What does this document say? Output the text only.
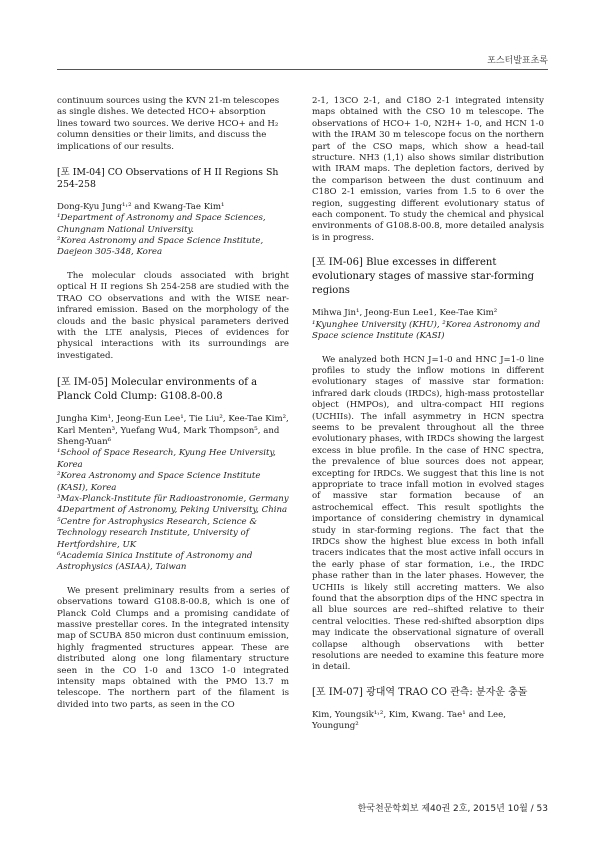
포스터발표초록
continuum sources using the KVN 21-m telescopes
as single dishes. We detected HCO+ absorption
lines toward two sources. We derive HCO+ and H₂
column densities or their limits, and discuss the
implications of our results.
[포 IM-04] CO Observations of H II Regions Sh 254-258
Dong-Kyu Jung¹˒² and Kwang-Tae Kim¹
¹Department of Astronomy and Space Sciences, Chungnam National University.
²Korea Astronomy and Space Science Institute, Daejeon 305-348, Korea
The molecular clouds associated with bright optical H II regions Sh 254-258 are studied with the TRAO CO observations and with the WISE near-infrared emission. Based on the morphology of the clouds and the basic physical parameters derived with the LTE analysis, Pieces of evidences for physical interactions with its surroundings are investigated.
[포 IM-05] Molecular environments of a Planck Cold Clump: G108.8-00.8
Jungha Kim¹, Jeong-Eun Lee¹, Tie Liu², Kee-Tae Kim², Karl Menten³, Yuefang Wu4, Mark Thompson⁵, and Sheng-Yuan⁶
¹School of Space Research, Kyung Hee University, Korea
²Korea Astronomy and Space Science Institute (KASI), Korea
³Max-Planck-Institute für Radioastronomie, Germany
4Department of Astronomy, Peking University, China
⁵Centre for Astrophysics Research, Science & Technology research Institute, University of Hertfordshire, UK
⁶Academia Sinica Institute of Astronomy and Astrophysics (ASIAA), Taiwan
We present preliminary results from a series of observations toward G108.8-00.8, which is one of Planck Cold Clumps and a promising candidate of massive prestellar cores. In the integrated intensity map of SCUBA 850 micron dust continuum emission, highly fragmented structures appear. These are distributed along one long filamentary structure seen in the CO 1-0 and 13CO 1-0 integrated intensity maps obtained with the PMO 13.7 m telescope. The northern part of the filament is divided into two parts, as seen in the CO
2-1, 13CO 2-1, and C18O 2-1 integrated intensity maps obtained with the CSO 10 m telescope. The observations of HCO+ 1-0, N2H+ 1-0, and HCN 1-0 with the IRAM 30 m telescope focus on the northern part of the CSO maps, which show a head-tail structure. NH3 (1,1) also shows similar distribution with IRAM maps. The depletion factors, derived by the comparison between the dust continuum and C18O 2-1 emission, varies from 1.5 to 6 over the region, suggesting different evolutionary status of each component. To study the chemical and physical environments of G108.8-00.8, more detailed analysis is in progress.
[포 IM-06] Blue excesses in different evolutionary stages of massive star-forming regions
Mihwa Jin¹, Jeong-Eun Lee1, Kee-Tae Kim²
¹Kyunghee University (KHU), ²Korea Astronomy and Space science Institute (KASI)
We analyzed both HCN J=1-0 and HNC J=1-0 line profiles to study the inflow motions in different evolutionary stages of massive star formation: infrared dark clouds (IRDCs), high-mass protostellar object (HMPOs), and ultra-compact HII regions (UCHIIs). The infall asymmetry in HCN spectra seems to be prevalent throughout all the three evolutionary phases, with IRDCs showing the largest excess in blue profile. In the case of HNC spectra, the prevalence of blue sources does not appear, excepting for IRDCs. We suggest that this line is not appropriate to trace infall motion in evolved stages of massive star formation because of an astrochemical effect. This result spotlights the importance of considering chemistry in dynamical study in star-forming regions. The fact that the IRDCs show the highest blue excess in both infall tracers indicates that the most active infall occurs in the early phase of star formation, i.e., the IRDC phase rather than in the later phases. However, the UCHIIs is likely still accreting matters. We also found that the absorption dips of the HNC spectra in all blue sources are red--shifted relative to their central velocities. These red-shifted absorption dips may indicate the observational signature of overall collapse although observations with better resolutions are needed to examine this feature more in detail.
[포 IM-07] 광대역 TRAO CO 관측: 분자운 충돌
Kim, Youngsik¹˒², Kim, Kwang. Tae¹ and Lee, Youngung²
한국천문학회보 제40권 2호, 2015년 10월 / 53
